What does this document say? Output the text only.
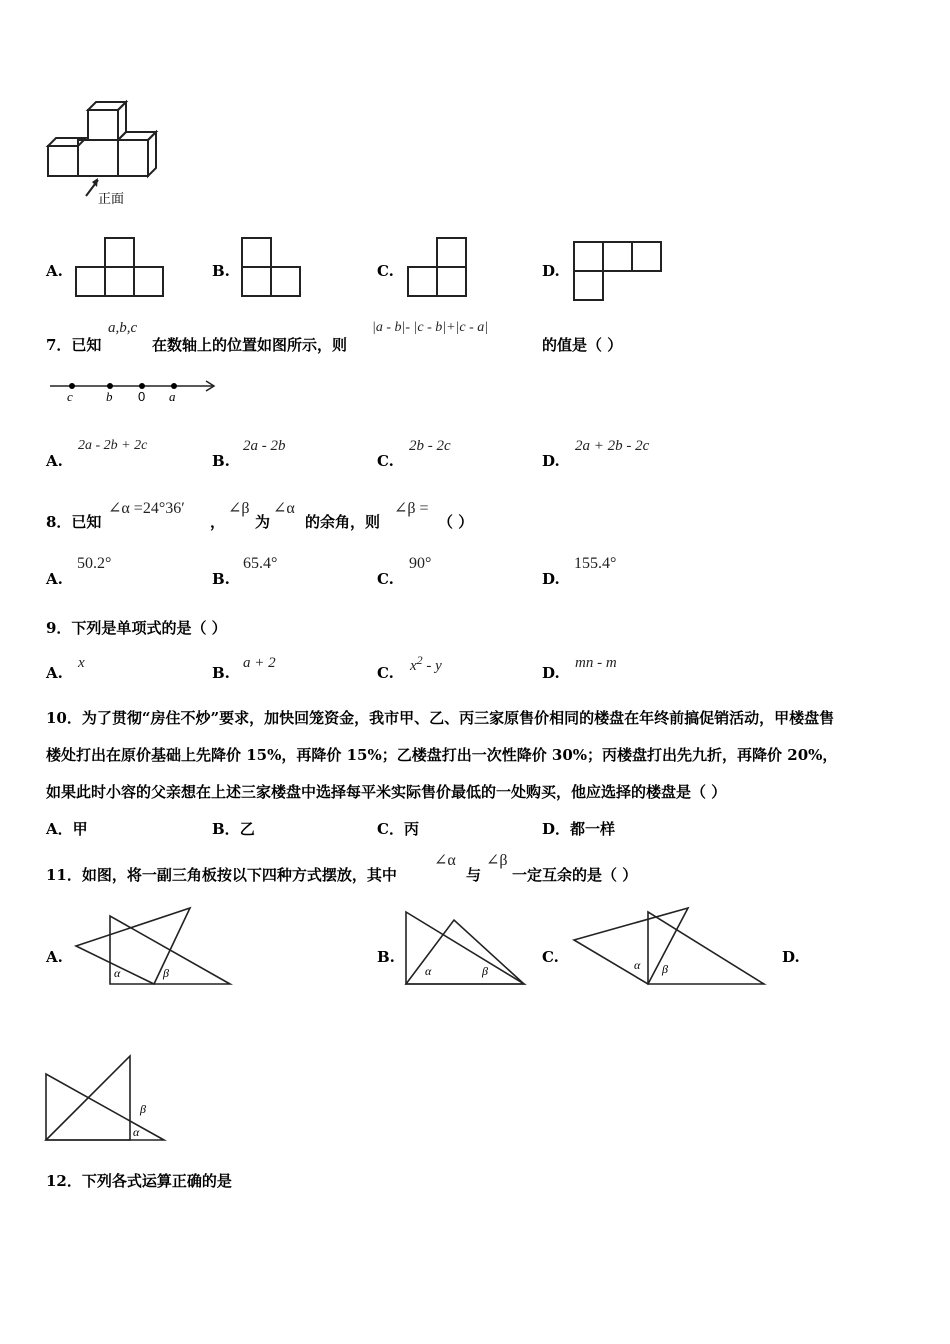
正面
A.	B.	C.	D.
7．已知
a,b,c
在数轴上的位置如图所示，则
|a - b|- |c - b|+|c - a|
的值是（ ）
c	b 0 a
A.
2a - 2b + 2c
B.
2a - 2b
C.
2b - 2c
D.
2a + 2b - 2c
8．已知
∠α =24°36′
，
∠β
为
∠α
的余角，则
∠β =
（ ）
A.
50.2°
B.
65.4°
C.
90°
D.
155.4°
9．下列是单项式的是（ ）
A.
x
B.
a + 2
C. $x^2$ - y	D.
mn - m
10．为了贯彻“房住不炒”要求，加快回笼资金，我市甲、乙、丙三家原售价相同的楼盘在年终前搞促销活动，甲楼盘售
楼处打出在原价基础上先降价 15%，再降价 15%；乙楼盘打出一次性降价 30%；丙楼盘打出先九折，再降价 20%，
如果此时小容的父亲想在上述三家楼盘中选择每平米实际售价最低的一处购买，他应选择的楼盘是（ ）
A．甲	B．乙	C．丙	D．都一样
11．如图，将一副三角板按以下四种方式摆放，其中
∠α
与
∠β
一定互余的是（ ）
A.
α	β
B.
α	β
C.	α β
D.
β
α
12．下列各式运算正确的是
